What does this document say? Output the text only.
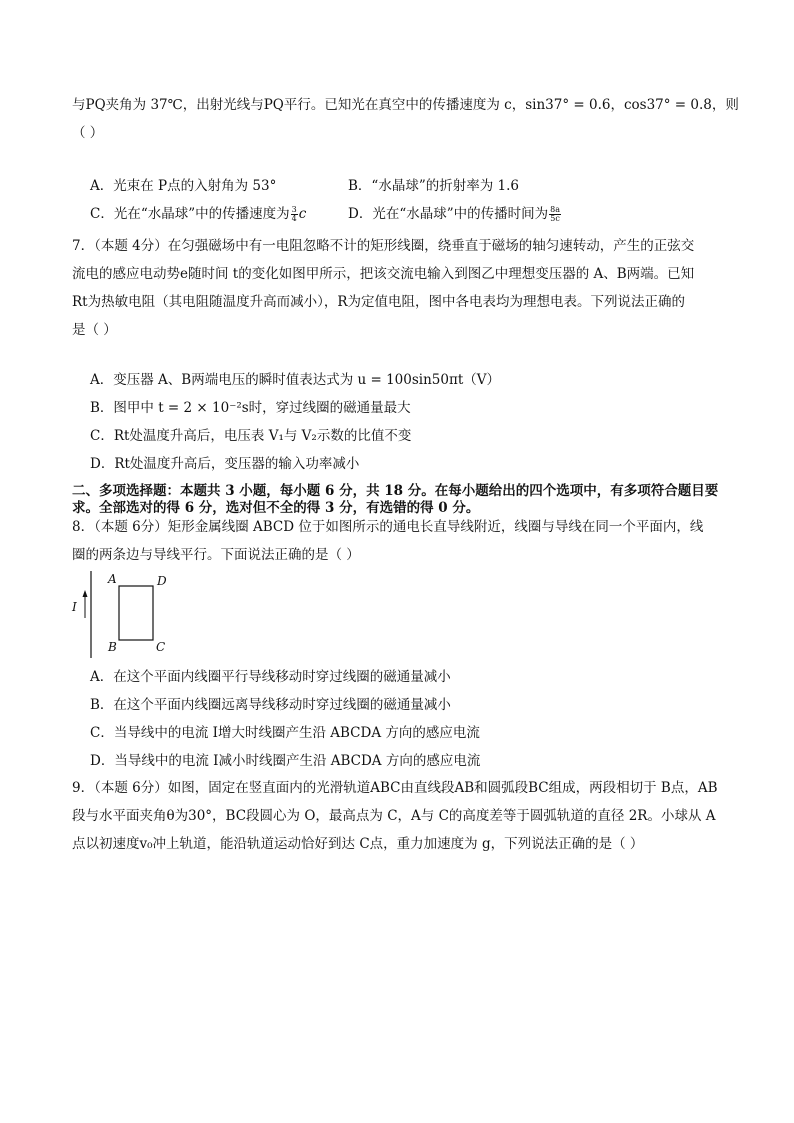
与PQ夹角为 37℃，出射光线与PQ平行。已知光在真空中的传播速度为 c，sin37° = 0.6，cos37° = 0.8，则
（ ）
A．光束在 P点的入射角为 53°	B．“水晶球”的折射率为 1.6
C．光在“水晶球”中的传播速度为 $\frac{3}{4}$ c	D．光在“水晶球”中的传播时间为 $\frac{8a}{5c}$
7．（本题 4分）在匀强磁场中有一电阻忽略不计的矩形线圈，绕垂直于磁场的轴匀速转动，产生的正弦交
流电的感应电动势e随时间 t的变化如图甲所示，把该交流电输入到图乙中理想变压器的 A、B两端。已知
Rt为热敏电阻（其电阻随温度升高而减小），R为定值电阻，图中各电表均为理想电表。下列说法正确的
是（ ）
A．变压器 A、B两端电压的瞬时值表达式为 u = 100sin50πt（V）
B．图甲中 t = 2 × 10⁻²s时，穿过线圈的磁通量最大
C．Rt处温度升高后，电压表 V₁与 V₂示数的比值不变
D．Rt处温度升高后，变压器的输入功率减小
二、多项选择题：本题共 3 小题，每小题 6 分，共 18 分。在每小题给出的四个选项中，有多项符合题目要
求。全部选对的得 6 分，选对但不全的得 3 分，有选错的得 0 分。
8．（本题 6分）矩形金属线圈 ABCD 位于如图所示的通电长直导线附近，线圈与导线在同一个平面内，线
圈的两条边与导线平行。下面说法正确的是（ ）
I
A	D
B	C
A．在这个平面内线圈平行导线移动时穿过线圈的磁通量减小
B．在这个平面内线圈远离导线移动时穿过线圈的磁通量减小
C．当导线中的电流 I增大时线圈产生沿 ABCDA 方向的感应电流
D．当导线中的电流 I减小时线圈产生沿 ABCDA 方向的感应电流
9．（本题 6分）如图，固定在竖直面内的光滑轨道ABC由直线段AB和圆弧段BC组成，两段相切于 B点，AB
段与水平面夹角θ为30°，BC段圆心为 O，最高点为 C，A与 C的高度差等于圆弧轨道的直径 2R。小球从 A
点以初速度v₀冲上轨道，能沿轨道运动恰好到达 C点，重力加速度为 g，下列说法正确的是（ ）
